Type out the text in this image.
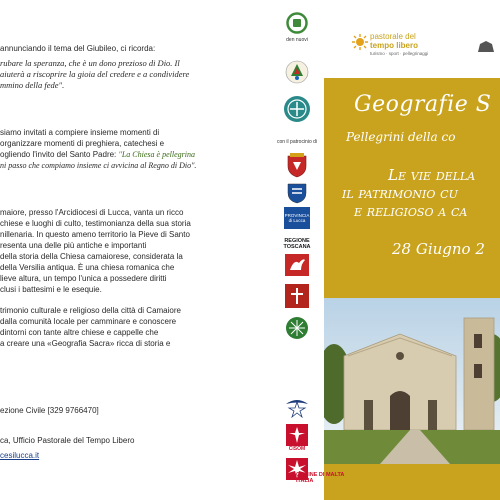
annunciando il tema del Giubileo, ci ricorda:

rubare la speranza, che è un dono prezioso di Dio. Il

aiuterà a riscoprire la gioia del credere e a condividere

mmino della fede".

siamo invitati a compiere insieme momenti di

organizzare momenti di preghiera, catechesi e

ogliendo l'invito del Santo Padre: "La Chiesa è pellegrina

ni passo che compiamo insieme ci avvicina al Regno di Dio".

maiore, presso l'Arcidiocesi di Lucca, vanta un ricco

chiese e luoghi di culto, testimonianza della sua storia

nillenaria. In questo ameno territorio la Pieve di Santo

resenta una delle più antiche e importanti

della storia della Chiesa camaiorese, considerata la

della Versilia antiqua. È una chiesa romanica che

lieve altura, un tempo l'unica a possedere diritti

clusi i battesimi e le esequie.

trimonio culturale e religioso della città di Camaiore

dalla comunità locale per camminare e conoscere

dintorni con tante altre chiese e cappelle che

a creare una «Geografia Sacra» ricca di storia e

ezione Civile [329 9766470]

ca, Ufficio Pastorale del Tempo Libero

cesilucca.it

den nuovi
con il patrocinio di
PROVINCIA di Lucca
REGIONE TOSCANA
CISOM
pastorale del
tempo libero
turismo · sport · pellegrinaggi
Geografie S
Pellegrini della co
Le vie della
il patrimonio cu
e religioso a ca
28 Giugno 2
ORDINE DI MALTA
ITALIA
